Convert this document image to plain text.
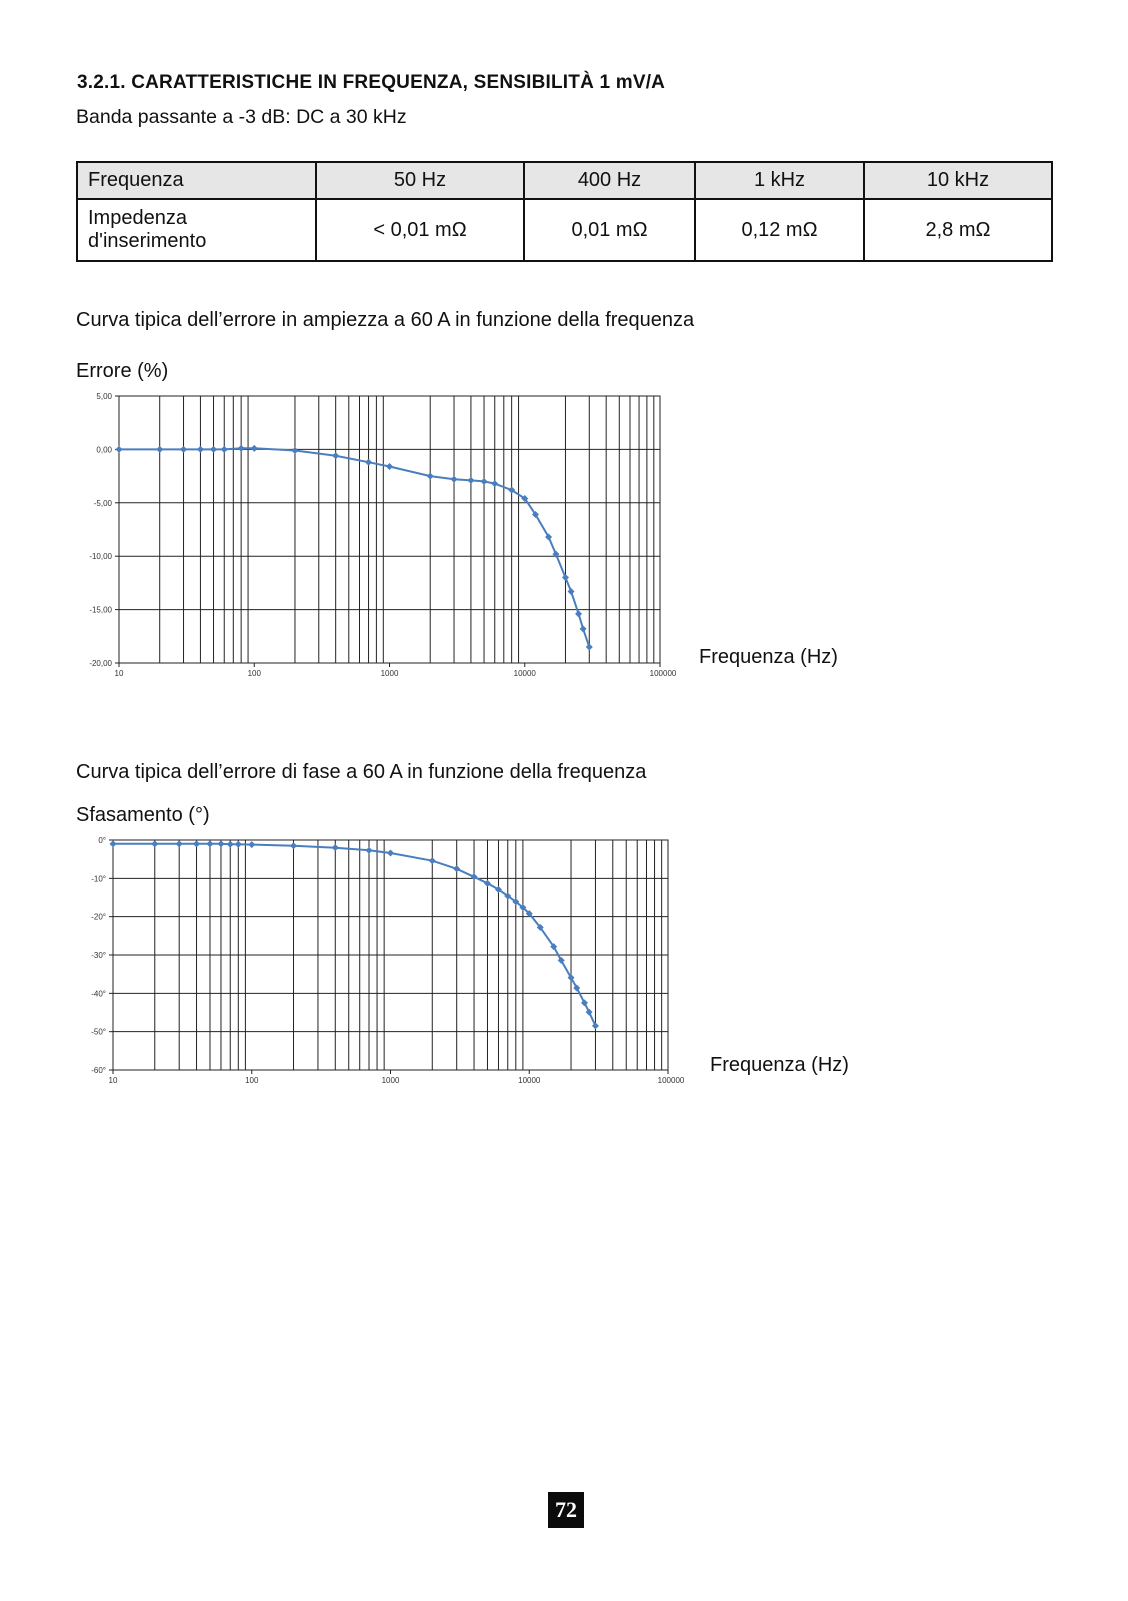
3.2.1. CARATTERISTICHE IN FREQUENZA, SENSIBILITÀ 1 mV/A
Banda passante a -3 dB: DC a 30 kHz
Frequenza	50 Hz	400 Hz	1 kHz	10 kHz

Impedenza
d'inserimento	< 0,01 mΩ	0,01 mΩ	0,12 mΩ	2,8 mΩ
Curva tipica dell’errore in ampiezza a 60 A in funzione della frequenza
Errore (%)
5,00
0,00
-5,00
-10,00
-15,00
-20,00
10	100	1000	10000	100000
Frequenza (Hz)
Curva tipica dell’errore di fase a 60 A in funzione della frequenza
Sfasamento (°)
0°
-10°
-20°
-30°
-40°
-50°
-60°
10	100	1000	10000	100000
Frequenza (Hz)
72
